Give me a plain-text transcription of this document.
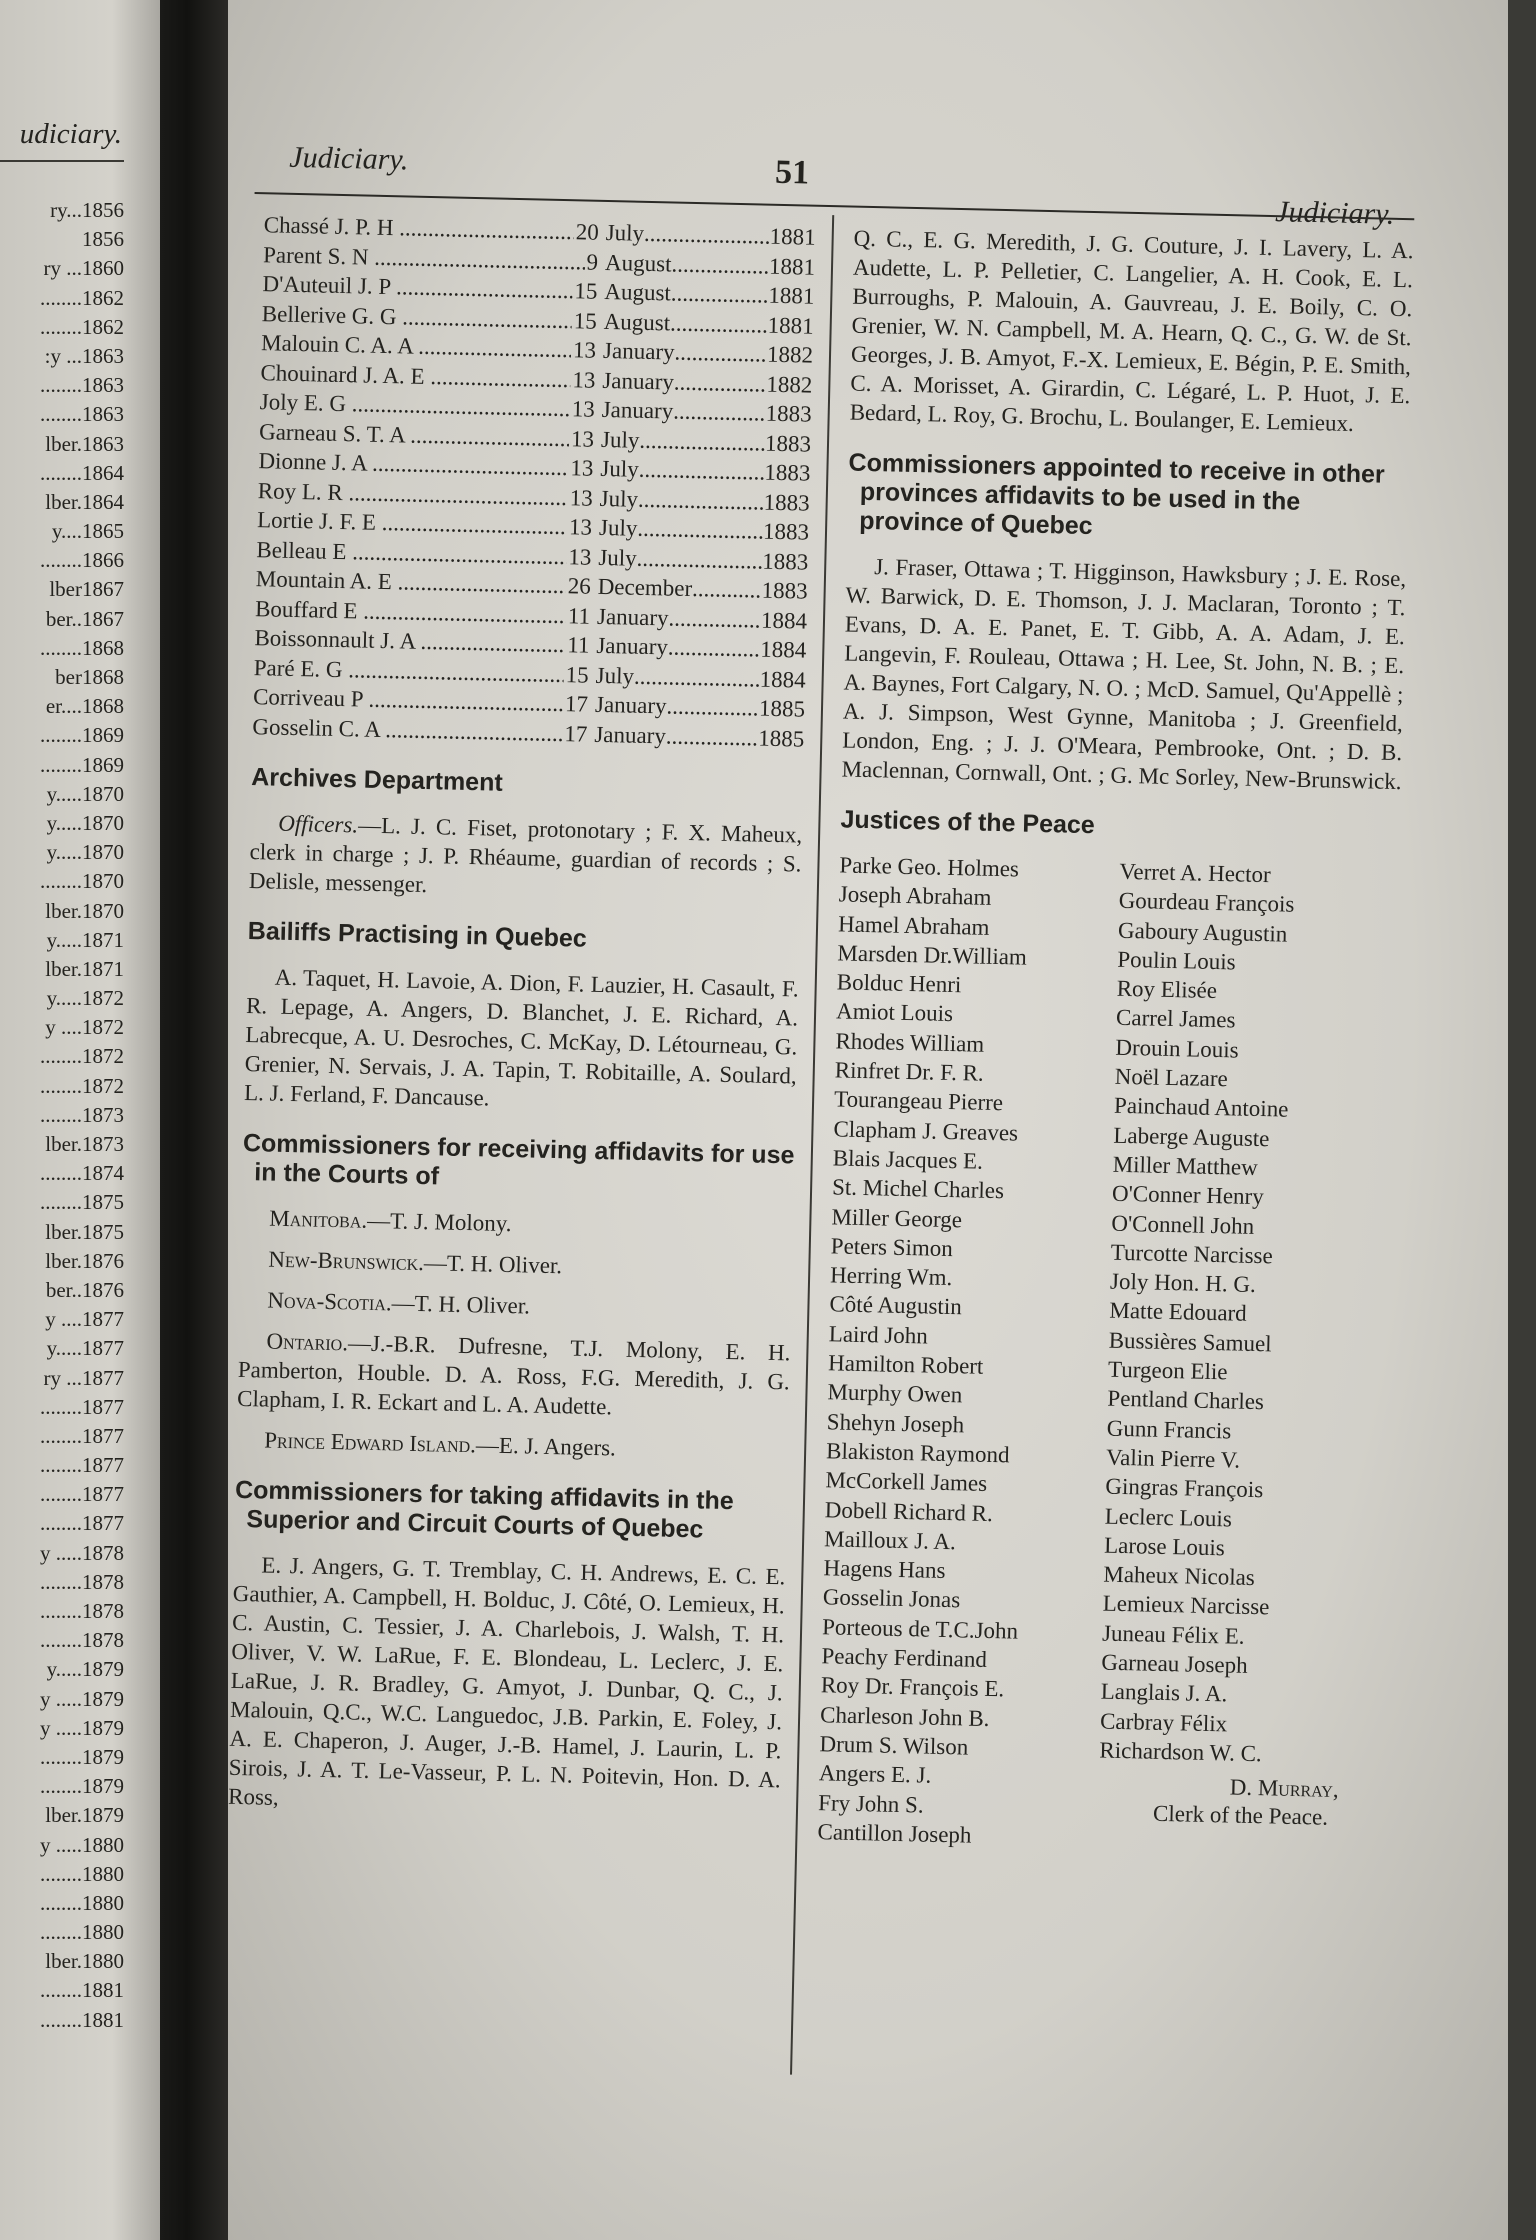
udiciary.
ry...1856
1856
ry ...1860
........1862
........1862
:y ...1863
........1863
........1863
lber.1863
........1864
lber.1864
y....1865
........1866
lber1867
ber..1867
........1868
ber1868
er....1868
........1869
........1869
y.....1870
y.....1870
y.....1870
........1870
lber.1870
y.....1871
lber.1871
y.....1872
y ....1872
........1872
........1872
........1873
lber.1873
........1874
........1875
lber.1875
lber.1876
ber..1876
y ....1877
y.....1877
ry ...1877
........1877
........1877
........1877
........1877
........1877
y .....1878
........1878
........1878
........1878
y.....1879
y .....1879
y .....1879
........1879
........1879
lber.1879
y .....1880
........1880
........1880
........1880
lber.1880
........1881
........1881
Judiciary.	51
Judiciary.
Chassé J. P. H .....	20 July .....	1881
Parent S. N .....	9 August .....	1881
D'Auteuil J. P .....	15 August .....	1881
Bellerive G. G .....	15 August .....	1881
Malouin C. A. A .....	13 January .....	1882
Chouinard J. A. E .....	13 January .....	1882
Joly E. G .....	13 January .....	1883
Garneau S. T. A .....	13 July .....	1883
Dionne J. A .....	13 July .....	1883
Roy L. R .....	13 July .....	1883
Lortie J. F. E .....	13 July .....	1883
Belleau E .....	13 July .....	1883
Mountain A. E .....	26 December .....	1883
Bouffard E .....	11 January .....	1884
Boissonnault J. A .....	11 January .....	1884
Paré E. G .....	15 July .....	1884
Corriveau P .....	17 January .....	1885
Gosselin C. A .....	17 January .....	1885
Archives Department

Officers.—L. J. C. Fiset, protonotary ; F. X. Maheux, clerk in charge ; J. P. Rhéaume, guardian of records ; S. Delisle, messenger.

Bailiffs Practising in Quebec

A. Taquet, H. Lavoie, A. Dion, F. Lauzier, H. Casault, F. R. Lepage, A. Angers, D. Blanchet, J. E. Richard, A. Labrecque, A. U. Desroches, C. McKay, D. Létourneau, G. Grenier, N. Servais, J. A. Tapin, T. Robitaille, A. Soulard, L. J. Ferland, F. Dancause.

Commissioners for receiving affidavits for use in the Courts of

Manitoba.—T. J. Molony.

New-Brunswick.—T. H. Oliver.

Nova-Scotia.—T. H. Oliver.

Ontario.—J.-B.R. Dufresne, T.J. Molony, E. H. Pamberton, Houble. D. A. Ross, F.G. Meredith, J. G. Clapham, I. R. Eckart and L. A. Audette.

Prince Edward Island.—E. J. Angers.

Commissioners for taking affidavits in the Superior and Circuit Courts of Quebec

E. J. Angers, G. T. Tremblay, C. H. Andrews, E. C. E. Gauthier, A. Campbell, H. Bolduc, J. Côté, O. Lemieux, H. C. Austin, C. Tessier, J. A. Charlebois, J. Walsh, T. H. Oliver, V. W. LaRue, F. E. Blondeau, L. Leclerc, J. E. LaRue, J. R. Bradley, G. Amyot, J. Dunbar, Q. C., J. Malouin, Q.C., W.C. Languedoc, J.B. Parkin, E. Foley, J. A. E. Chaperon, J. Auger, J.-B. Hamel, J. Laurin, L. P. Sirois, J. A. T. Le-Vasseur, P. L. N. Poitevin, Hon. D. A. Ross,

Q. C., E. G. Meredith, J. G. Couture, J. I. Lavery, L. A. Audette, L. P. Pelletier, C. Langelier, A. H. Cook, E. L. Burroughs, P. Malouin, A. Gauvreau, J. E. Boily, C. O. Grenier, W. N. Campbell, M. A. Hearn, Q. C., G. W. de St. Georges, J. B. Amyot, F.-X. Lemieux, E. Bégin, P. E. Smith, C. A. Morisset, A. Girardin, C. Légaré, L. P. Huot, J. E. Bedard, L. Roy, G. Brochu, L. Boulanger, E. Lemieux.

Commissioners appointed to receive in other provinces affidavits to be used in the province of Quebec

J. Fraser, Ottawa ; T. Higginson, Hawksbury ; J. E. Rose, W. Barwick, D. E. Thomson, J. J. Maclaran, Toronto ; T. Evans, D. A. E. Panet, E. T. Gibb, A. A. Adam, J. E. Langevin, F. Rouleau, Ottawa ; H. Lee, St. John, N. B. ; E. A. Baynes, Fort Calgary, N. O. ; McD. Samuel, Qu'Appellè ; A. J. Simpson, West Gynne, Manitoba ; J. Greenfield, London, Eng. ; J. J. O'Meara, Pembrooke, Ont. ; D. B. Maclennan, Cornwall, Ont. ; G. Mc Sorley, New-Brunswick.

Justices of the Peace
Parke Geo. Holmes
Joseph Abraham
Hamel Abraham
Marsden Dr.William
Bolduc Henri
Amiot Louis
Rhodes William
Rinfret Dr. F. R.
Tourangeau Pierre
Clapham J. Greaves
Blais Jacques E.
St. Michel Charles
Miller George
Peters Simon
Herring Wm.
Côté Augustin
Laird John
Hamilton Robert
Murphy Owen
Shehyn Joseph
Blakiston Raymond
McCorkell James
Dobell Richard R.
Mailloux J. A.
Hagens Hans
Gosselin Jonas
Porteous de T.C.John
Peachy Ferdinand
Roy Dr. François E.
Charleson John B.
Drum S. Wilson
Angers E. J.
Fry John S.
Cantillon Joseph
Verret A. Hector
Gourdeau François
Gaboury Augustin
Poulin Louis
Roy Elisée
Carrel James
Drouin Louis
Noël Lazare
Painchaud Antoine
Laberge Auguste
Miller Matthew
O'Conner Henry
O'Connell John
Turcotte Narcisse
Joly Hon. H. G.
Matte Edouard
Bussières Samuel
Turgeon Elie
Pentland Charles
Gunn Francis
Valin Pierre V.
Gingras François
Leclerc Louis
Larose Louis
Maheux Nicolas
Lemieux Narcisse
Juneau Félix E.
Garneau Joseph
Langlais J. A.
Carbray Félix
Richardson W. C.
D. Murray,
Clerk of the Peace.
